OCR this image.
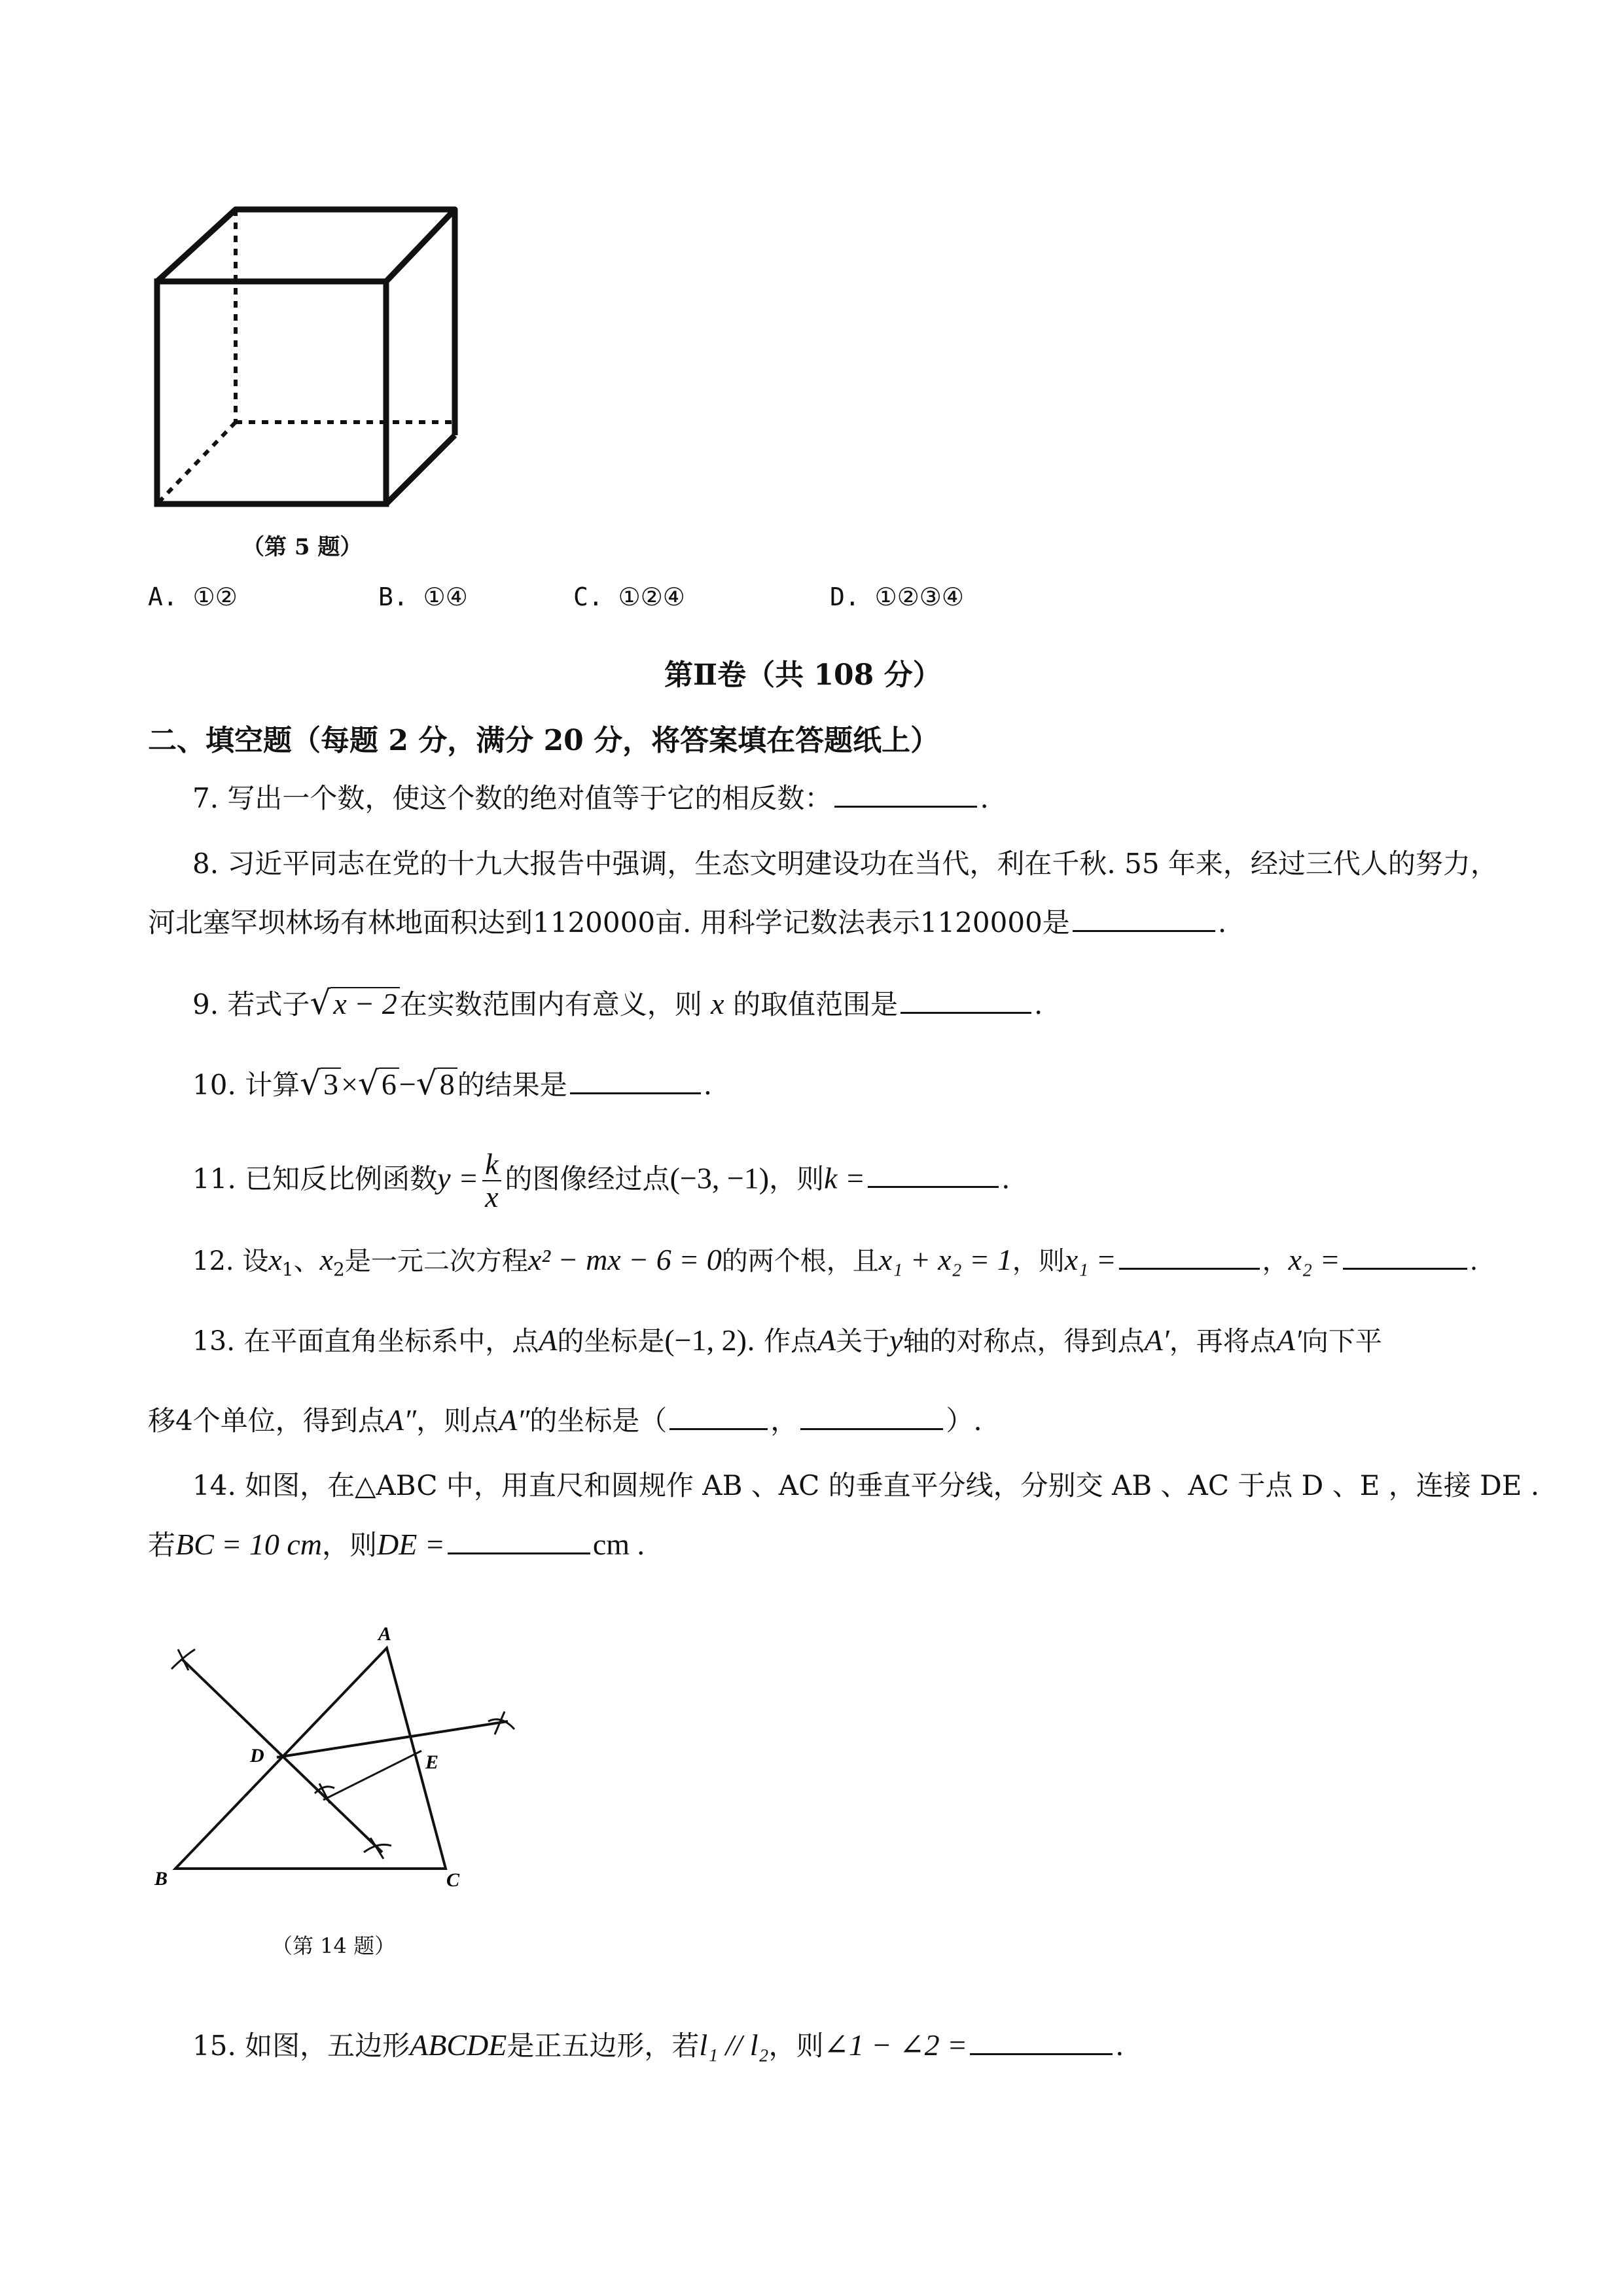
（第 5 题）
A. ①②	B. ①④	C. ①②④	D. ①②③④
第Ⅱ卷（共 108 分）
二、填空题（每题 2 分，满分 20 分，将答案填在答题纸上）
7. 写出一个数，使这个数的绝对值等于它的相反数：	.
8. 习近平同志在党的十九大报告中强调，生态文明建设功在当代，利在千秋. 55 年来，经过三代人的努力，
河北塞罕坝林场有林地面积达到1120000亩. 用科学记数法表示1120000是	.
9. 若式子√x − 2在实数范围内有意义，则 x 的取值范围是	.
10. 计算√3×√6−√8的结果是	.
11. 已知反比例函数$y = \frac{k}{x}$ 的图像经过点(−3, −1)，则k =	.
12. 设$x_1$、$x_2$是一元二次方程x² − mx − 6 = 0的两个根，且x₁ + x₂ = 1，则x₁ =	，x₂ =	.
13. 在平面直角坐标系中，点A的坐标是(−1, 2). 作点A关于y轴的对称点，得到点A′，再将点A′向下平
移4个单位，得到点A″，则点A″的坐标是（	，	）.
14. 如图，在△ABC 中，用直尺和圆规作 AB 、AC 的垂直平分线，分别交 AB 、AC 于点 D 、E ，连接 DE .
若BC = 10 cm，则DE =	cm .
A
B	C
D	E
（第 14 题）
15. 如图，五边形ABCDE是正五边形，若l₁ // l₂，则∠1 − ∠2 =	.
